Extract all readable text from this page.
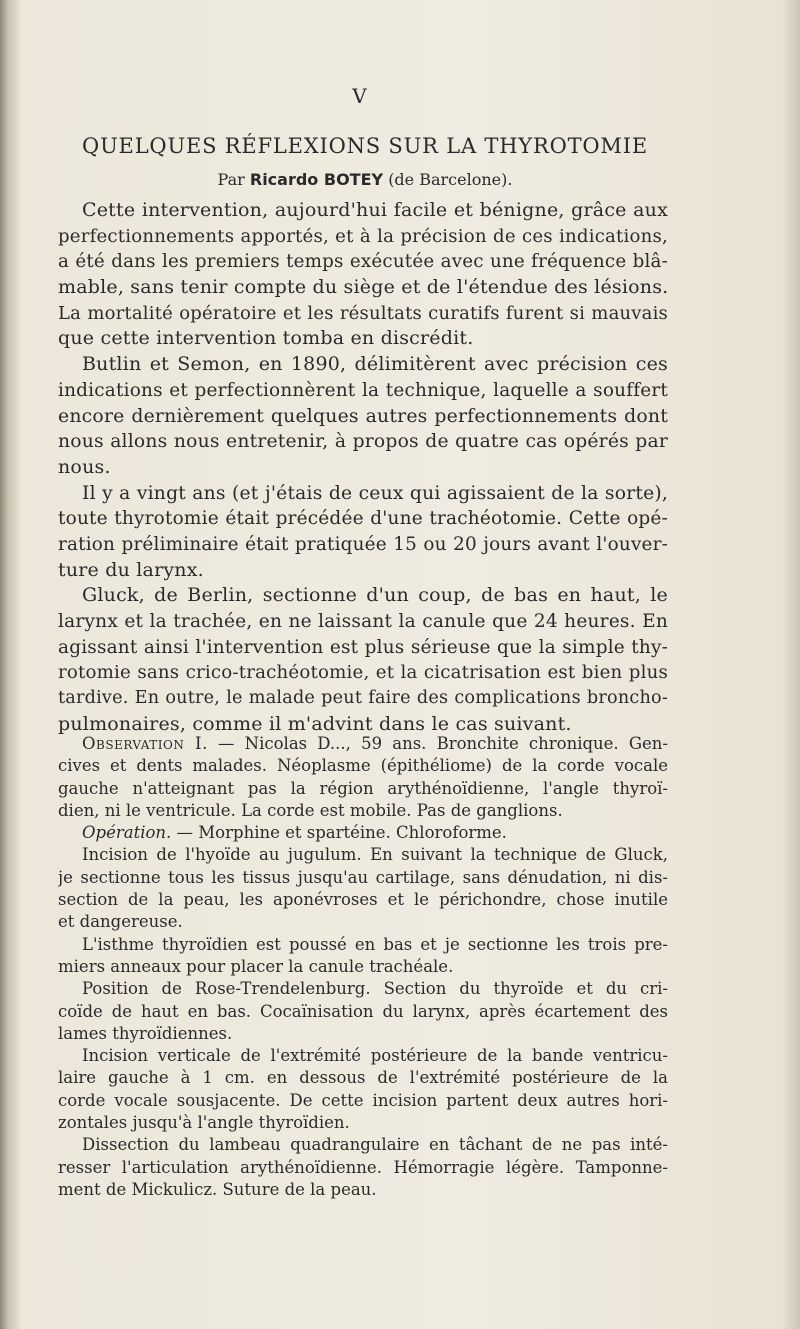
V
QUELQUES RÉFLEXIONS SUR LA THYROTOMIE
Par Ricardo BOTEY (de Barcelone).
Cette intervention, aujourd'hui facile et bénigne, grâce aux
perfectionnements apportés, et à la précision de ces indications,
a été dans les premiers temps exécutée avec une fréquence blâ-
mable, sans tenir compte du siège et de l'étendue des lésions.
La mortalité opératoire et les résultats curatifs furent si mauvais
que cette intervention tomba en discrédit.
Butlin et Semon, en 1890, délimitèrent avec précision ces
indications et perfectionnèrent la technique, laquelle a souffert
encore dernièrement quelques autres perfectionnements dont
nous allons nous entretenir, à propos de quatre cas opérés par
nous.
Il y a vingt ans (et j'étais de ceux qui agissaient de la sorte),
toute thyrotomie était précédée d'une trachéotomie. Cette opé-
ration préliminaire était pratiquée 15 ou 20 jours avant l'ouver-
ture du larynx.
Gluck, de Berlin, sectionne d'un coup, de bas en haut, le
larynx et la trachée, en ne laissant la canule que 24 heures. En
agissant ainsi l'intervention est plus sérieuse que la simple thy-
rotomie sans crico-trachéotomie, et la cicatrisation est bien plus
tardive. En outre, le malade peut faire des complications broncho-
pulmonaires, comme il m'advint dans le cas suivant.
Observation I. — Nicolas D..., 59 ans. Bronchite chronique. Gen-
cives et dents malades. Néoplasme (épithéliome) de la corde vocale
gauche n'atteignant pas la région arythénoïdienne, l'angle thyroï-
dien, ni le ventricule. La corde est mobile. Pas de ganglions.
Opération. — Morphine et spartéine. Chloroforme.
Incision de l'hyoïde au jugulum. En suivant la technique de Gluck,
je sectionne tous les tissus jusqu'au cartilage, sans dénudation, ni dis-
section de la peau, les aponévroses et le périchondre, chose inutile
et dangereuse.
L'isthme thyroïdien est poussé en bas et je sectionne les trois pre-
miers anneaux pour placer la canule trachéale.
Position de Rose-Trendelenburg. Section du thyroïde et du cri-
coïde de haut en bas. Cocaïnisation du larynx, après écartement des
lames thyroïdiennes.
Incision verticale de l'extrémité postérieure de la bande ventricu-
laire gauche à 1 cm. en dessous de l'extrémité postérieure de la
corde vocale sousjacente. De cette incision partent deux autres hori-
zontales jusqu'à l'angle thyroïdien.
Dissection du lambeau quadrangulaire en tâchant de ne pas inté-
resser l'articulation arythénoïdienne. Hémorragie légère. Tamponne-
ment de Mickulicz. Suture de la peau.
